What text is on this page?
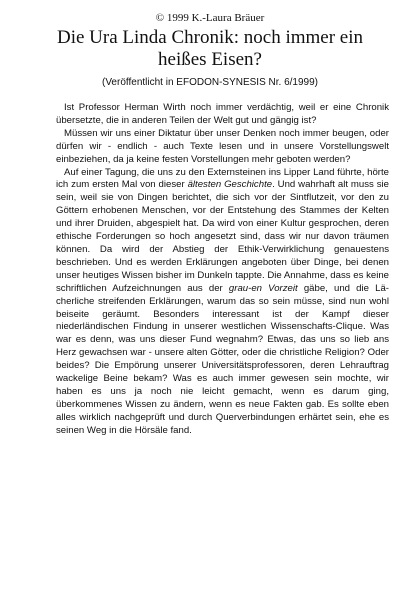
© 1999 K.-Laura Bräuer
Die Ura Linda Chronik: noch immer ein heißes Eisen?
(Veröffentlicht in EFODON-SYNESIS Nr. 6/1999)

Ist Professor Herman Wirth noch immer verdächtig, weil er eine Chronik übersetzte, die in anderen Teilen der Welt gut und gängig ist?

Müssen wir uns einer Diktatur über unser Denken noch immer beugen, oder dürfen wir - endlich - auch Texte lesen und in unsere Vorstellungswelt einbeziehen, da ja keine festen Vorstellungen mehr geboten werden?

Auf einer Tagung, die uns zu den Externsteinen ins Lipper Land führte, hörte ich zum ersten Mal von dieser ältesten Geschichte. Und wahrhaft alt muss sie sein, weil sie von Dingen berichtet, die sich vor der Sintflutzeit, vor den zu Göttern erhobenen Menschen, vor der Entstehung des Stammes der Kelten und ihrer Druiden, abgespielt hat. Da wird von einer Kultur gesprochen, deren ethische Forderungen so hoch angesetzt sind, dass wir nur davon träumen können. Da wird der Abstieg der Ethik-Verwirklichung genauestens beschrieben. Und es werden Erklärungen angeboten über Dinge, bei denen unser heutiges Wissen bisher im Dunkeln tappte. Die Annahme, dass es keine schriftlichen Aufzeichnungen aus der grau-en Vorzeit gäbe, und die Lä-cherliche streifenden Erklärungen, warum das so sein müsse, sind nun wohl beiseite geräumt. Besonders interessant ist der Kampf dieser niederländischen Findung in unserer westlichen Wissenschafts-Clique. Was war es denn, was uns dieser Fund wegnahm? Etwas, das uns so lieb ans Herz gewachsen war - unsere alten Götter, oder die christliche Religion? Oder beides? Die Empörung unserer Universitätsprofessoren, deren Lehrauftrag wackelige Beine bekam? Was es auch immer gewesen sein mochte, wir haben es uns ja noch nie leicht gemacht, wenn es darum ging, überkommenes Wissen zu ändern, wenn es neue Fakten gab. Es sollte eben alles wirklich nachgeprüft und durch Querverbindungen erhärtet sein, ehe es seinen Weg in die Hörsäle fand.
